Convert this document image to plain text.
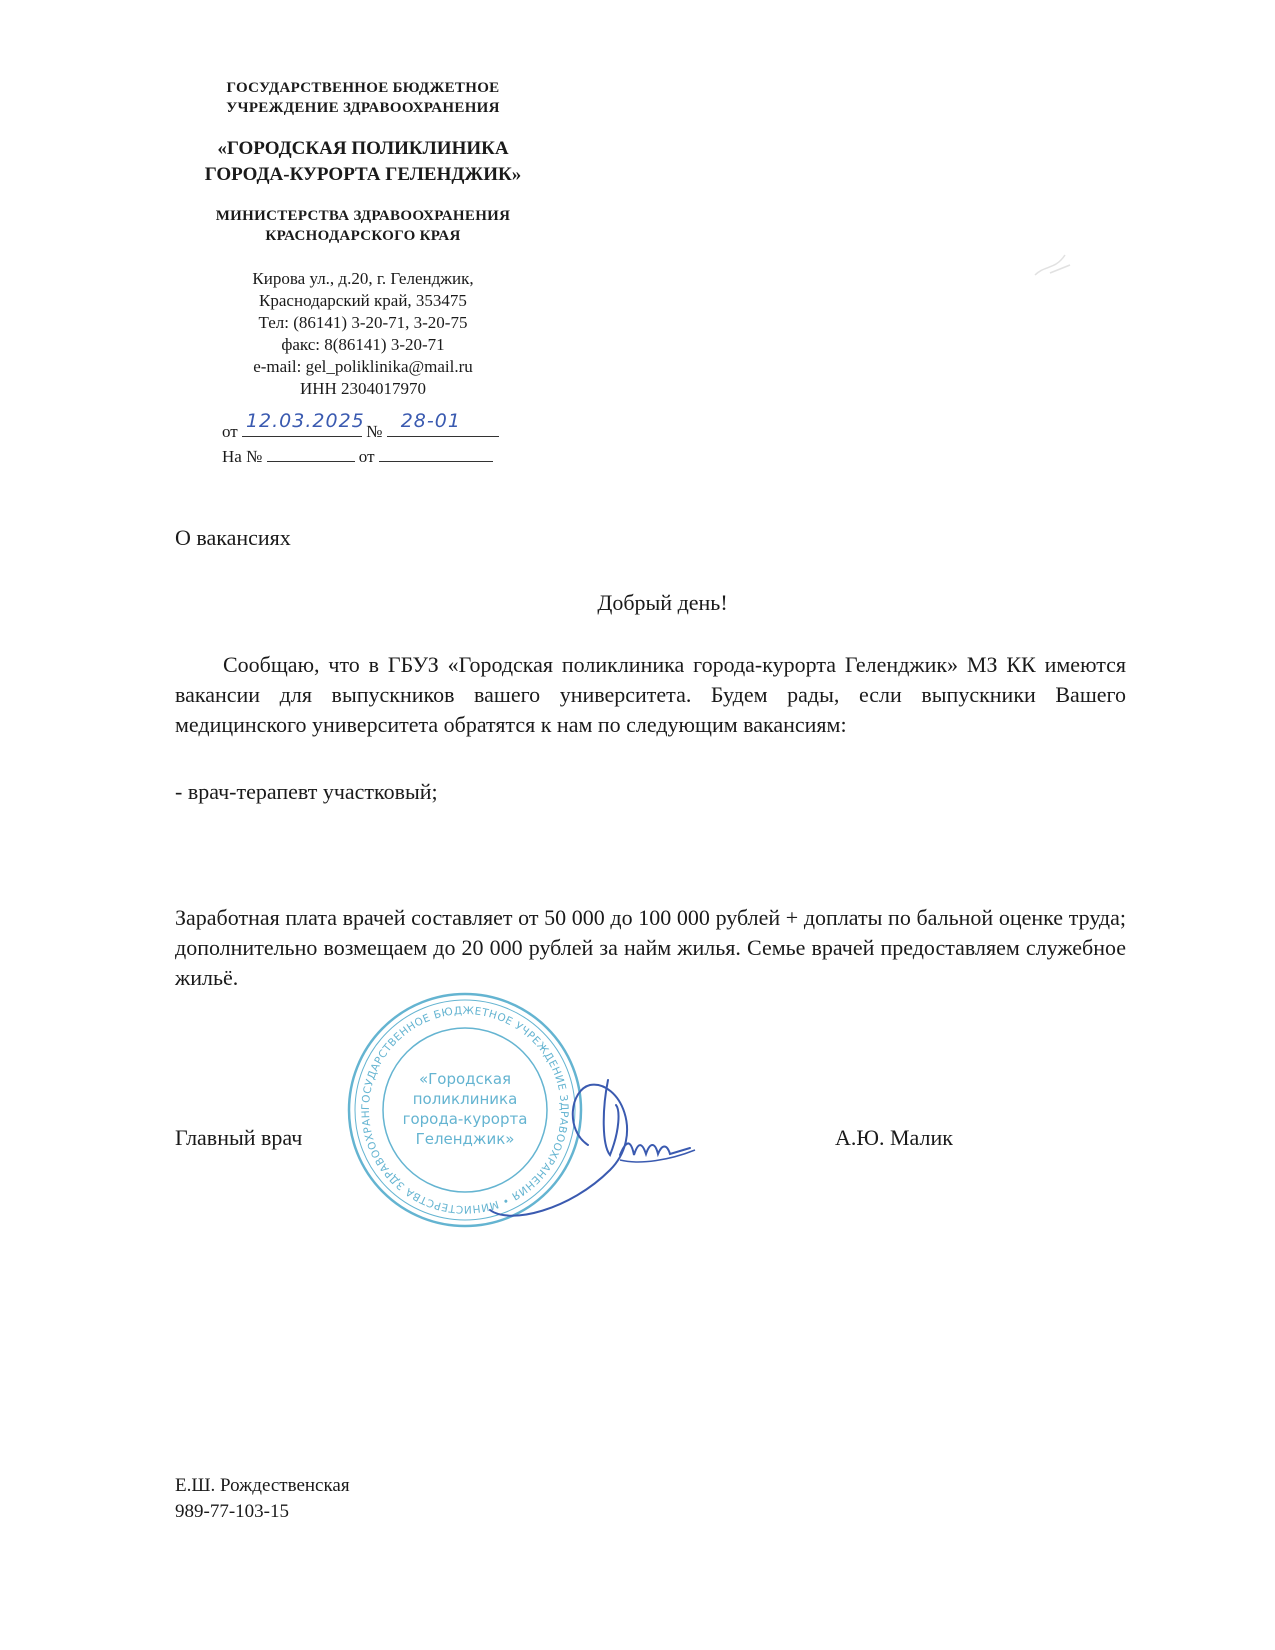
ГОСУДАРСТВЕННОЕ БЮДЖЕТНОЕ
УЧРЕЖДЕНИЕ ЗДРАВООХРАНЕНИЯ
«ГОРОДСКАЯ ПОЛИКЛИНИКА
ГОРОДА-КУРОРТА ГЕЛЕНДЖИК»
МИНИСТЕРСТВА ЗДРАВООХРАНЕНИЯ
КРАСНОДАРСКОГО КРАЯ
Кирова ул., д.20, г. Геленджик,
Краснодарский край, 353475
Тел: (86141) 3-20-71, 3-20-75
факс: 8(86141) 3-20-71
e-mail: gel_poliklinika@mail.ru
ИНН 2304017970
от 12.03.2025 № 28-01
На №	от
О вакансиях
Добрый день!
Сообщаю, что в ГБУЗ «Городская поликлиника города-курорта Геленджик» МЗ КК имеются вакансии для выпускников вашего университета. Будем рады, если выпускники Вашего медицинского университета обратятся к нам по следующим вакансиям:
- врач-терапевт участковый;
Заработная плата врачей составляет от 50 000 до 100 000 рублей + доплаты по бальной оценке труда; дополнительно возмещаем до 20 000 рублей за найм жилья. Семье врачей предоставляем служебное жильё.
ГОСУДАРСТВЕННОЕ БЮДЖЕТНОЕ УЧРЕЖДЕНИЕ ЗДРАВООХРАНЕНИЯ • МИНИСТЕРСТВА ЗДРАВООХРАНЕНИЯ КРАСНОДАРСКОГО КРАЯ •
«Городская
поликлиника
города-курорта
Геленджик»
Главный врач	А.Ю. Малик
Е.Ш. Рождественская
989-77-103-15
